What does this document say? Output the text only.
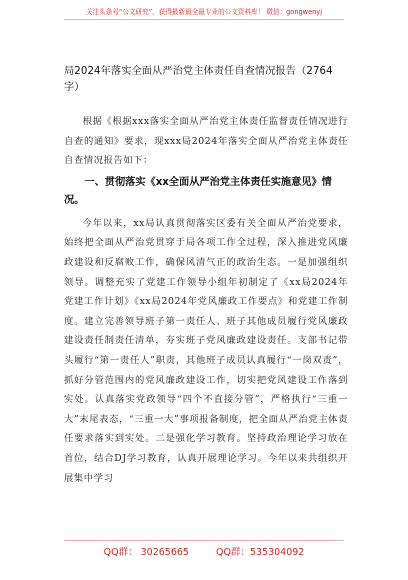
关注头条号“公文研究”，获得最新最全最专业的公文资料库！ 微信：gongwenyj
局2024年落实全面从严治党主体责任自查情况报告（2764字）

根据《根据xxx落实全面从严治党主体责任监督责任情况进行自查的通知》要求，现xxx局2024年落实全面从严治党主体责任自查情况报告如下：

一、贯彻落实《xx全面从严治党主体责任实施意见》情况。

今年以来，xx局认真贯彻落实区委有关全面从严治党要求，始终把全面从严治党贯穿于局各项工作全过程，深入推进党风廉政建设和反腐败工作，确保风清气正的政治生态。一是加强组织领导。调整充实了党建工作领导小组年初制定了《xx局2024年党建工作计划》《xx局2024年党风廉政工作要点》和党建工作制度。建立完善领导班子第一责任人、班子其他成员履行党风廉政建设责任制责任清单，夯实班子党风廉政建设责任。支部书记带头履行“第一责任人”职责，其他班子成员认真履行“一岗双责”，抓好分管范围内的党风廉政建设工作，切实把党风建设工作落到实处。认真落实党政领导“四个不直接分管”，严格执行“三重一大”末尾表态，“三重一大”事项报备制度，把全面从严治党主体责任要求落实到实处。二是强化学习教育。坚持政治理论学习放在首位，结合DJ学习教育，认真开展理论学习。今年以来共组织开展集中学习

QQ群： 30265665	QQ群：535304092
